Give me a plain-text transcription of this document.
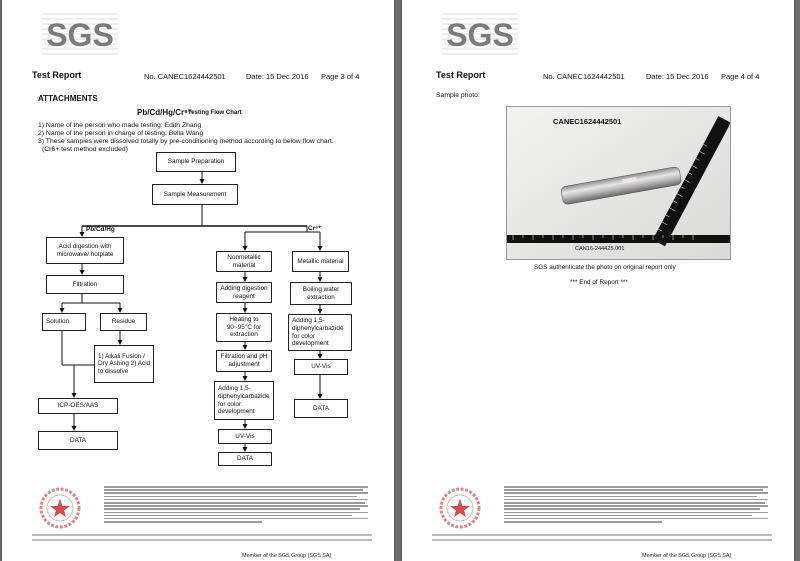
SGS
Test Report	No. CANEC1624442501	Date: 15 Dec 2016 Page 3 of 4
ATTACHMENTS
Pb/Cd/Hg/Cr⁶⁺
Testing Flow Chart
1) Name of the person who made testing: Edith Zhang
2) Name of the person in charge of testing: Bella Wang
3) These samples were dissolved totally by pre-conditioning method according to below flow chart.
(Cr6+ test method excluded)
Sample Preparation
Sample Measurement
Pb/Cd/Hg	Cr⁶⁺
Acid digestion with microwave/ hotplate
Filtration
Solution	Residue
1) Alkali Fusion / Dry Ashing 2) Acid to dissolve
ICP-OES/AAS
DATA
Nonmetallic material
Adding digestion reagent
Heating to 90~95°C for extraction
Filtration and pH adjustment
Adding 1,5-diphenylcarbazide for color development
UV-Vis
DATA
Metallic material
Boiling water extraction
Adding 1,5-diphenylcarbazide for color development
UV-Vis
DATA
Member of the SGS Group (SGS SA)
SGS
Test Report	No. CANEC1624442501	Date: 15 Dec 2016 Page 4 of 4
Sample photo:
CANEC1624442501
CAN16-244425.001
SGS authenticate the photo on original report only
*** End of Report ***
Member of the SGS Group (SGS SA)
